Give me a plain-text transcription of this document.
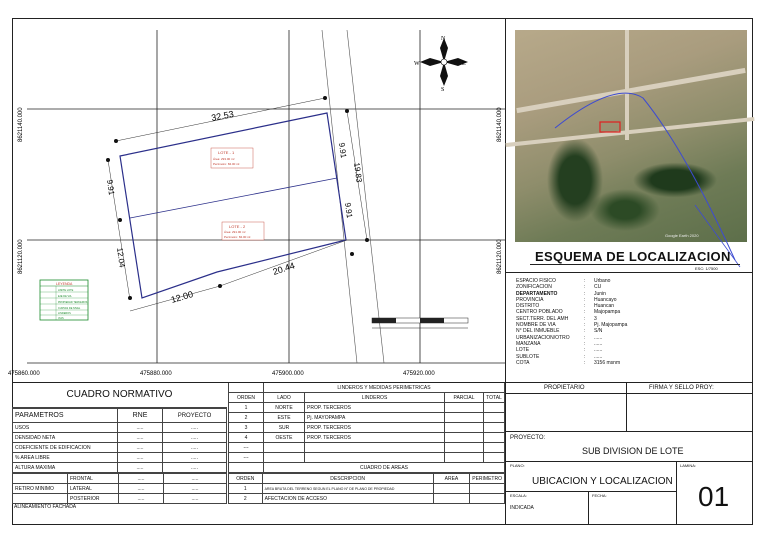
32.53
9.91
19.83
9.91
9.91
12.04
20.44
12.00
LOTE - 1
Área: 293.00 m²
Perímetro: 84.00 ml
LOTE - 2
Área: 291.00 m²
Perímetro: 84.00 ml
N
S
E
W
LEYENDA
LIMITE LOTE
EJE DE VIA
PROPIEDAD TERCEROS
CURVAS DE NIVEL
LINDEROS
VIAS
8621140.000
8621120.000
8621140.000
8621120.000
475860.000	475880.000	475900.000	475920.000
Google Earth 2020
ESQUEMA DE LOCALIZACION
ESC: 1/7500
ESPACIO FISICO	:	Urbano
ZONIFICACION	:	CU
DEPARTAMENTO	:	Junin
PROVINCIA	:	Huancayo
DISTRITO	:	Huancan
CENTRO POBLADO	:	Majopampa
SECT.TERR. DEL AMH	:	3
NOMBRE DE VIA	:	Pj. Majopampa
N° DEL INMUEBLE	:	S/N
URBANIZACION/OTRO	:	......
MANZANA	:	......
LOTE	:	......
SUBLOTE	:	......
COTA	:	3156 msnm
CUADRO NORMATIVO
PARAMETROS	RNE	PROYECTO
USOS	.....	.....
DENSIDAD NETA	.....	.....
COEFICIENTE DE EDIFICACION	.....	.....
% AREA LIBRE	.....	.....
ALTURA MAXIMA	.....	.....
	FRONTAL	.....	.....
RETIRO MINIMO	LATERAL	.....	.....
	POSTERIOR	.....	.....
ALINEAMIENTO FACHADA
	LINDEROS Y MEDIDAS PERIMETRICAS			
ORDEN	LADO	LINDEROS	PARCIAL	TOTAL
1	NORTE	PROP. TERCEROS		
2	ESTE	Pj. MAYOPAMPA		
3	SUR	PROP. TERCEROS		
4	OESTE	PROP. TERCEROS		
---				
---				
	CUADRO DE AREAS			
ORDEN	DESCRIPCION	AREA	PERIMETRO
1	AREA BRUTA DEL TERRENO SEGUN EL PLANO N° DE PLANO DE PROPIEDAD		
2	AFECTACION DE ACCESO		
PROPIETARIO	FIRMA Y SELLO PROY:
PROYECTO:
SUB DIVISION DE LOTE
PLANO:
UBICACION Y LOCALIZACION
LAMINA:
01
ESCALA:	FECHA:
INDICADA
